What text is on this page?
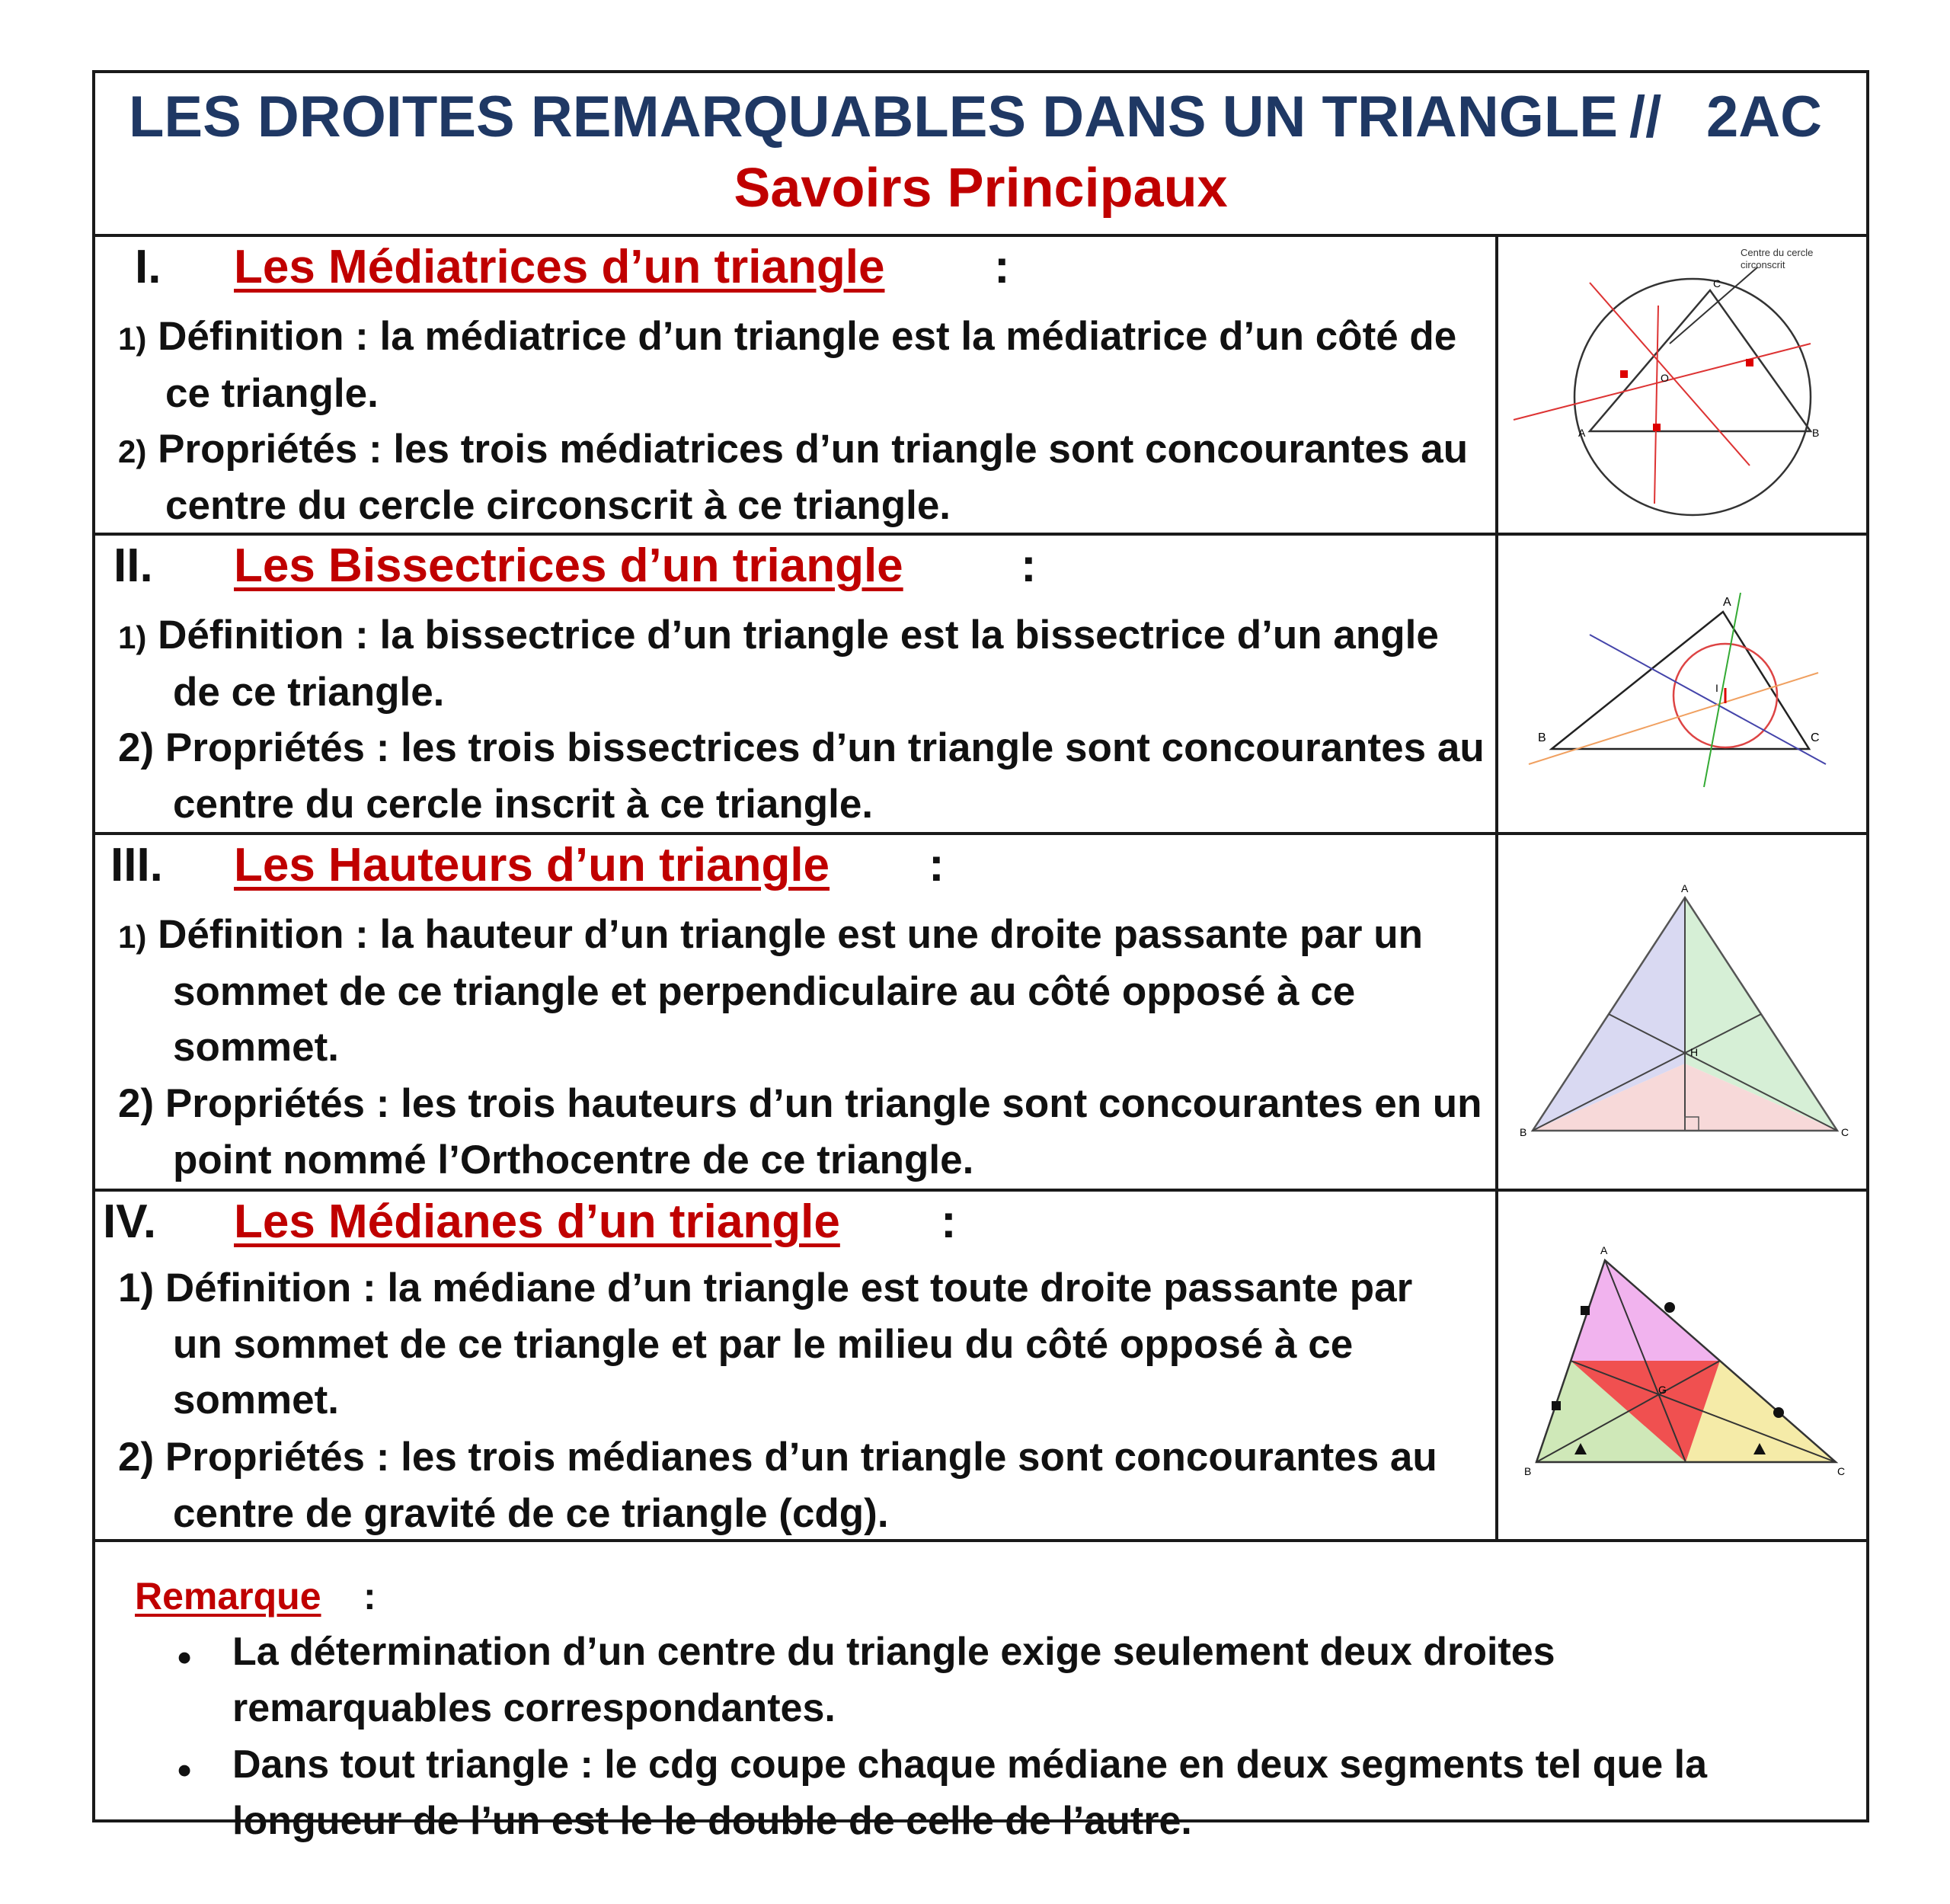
LES DROITES REMARQUABLES DANS UN TRIANGLE // 2AC
Savoirs Principaux
I. Les Médiatrices d’un triangle :
1) Définition : la médiatrice d’un triangle est la médiatrice d’un côté de
ce triangle.
2) Propriétés : les trois médiatrices d’un triangle sont concourantes au
centre du cercle circonscrit à ce triangle.
Centre du cercle
circonscrit
A	B
C
O
II. Les Bissectrices d’un triangle :
1) Définition : la bissectrice d’un triangle est la bissectrice d’un angle
de ce triangle.
2) Propriétés : les trois bissectrices d’un triangle sont concourantes au
centre du cercle inscrit à ce triangle.
A
B	C
I
III. Les Hauteurs d’un triangle :
1) Définition : la hauteur d’un triangle est une droite passante par un
sommet de ce triangle et perpendiculaire au côté opposé à ce
sommet.
2) Propriétés : les trois hauteurs d’un triangle sont concourantes en un
point nommé l’Orthocentre de ce triangle.
A
B	C
H
IV. Les Médianes d’un triangle :
1) Définition : la médiane d’un triangle est toute droite passante par
un sommet de ce triangle et par le milieu du côté opposé à ce
sommet.
2) Propriétés : les trois médianes d’un triangle sont concourantes au
centre de gravité de ce triangle (cdg).
A
B	C
G
Remarque :
• La détermination d’un centre du triangle exige seulement deux droites
remarquables correspondantes.
• Dans tout triangle : le cdg coupe chaque médiane en deux segments tel que la
longueur de l’un est le le double de celle de l’autre.
